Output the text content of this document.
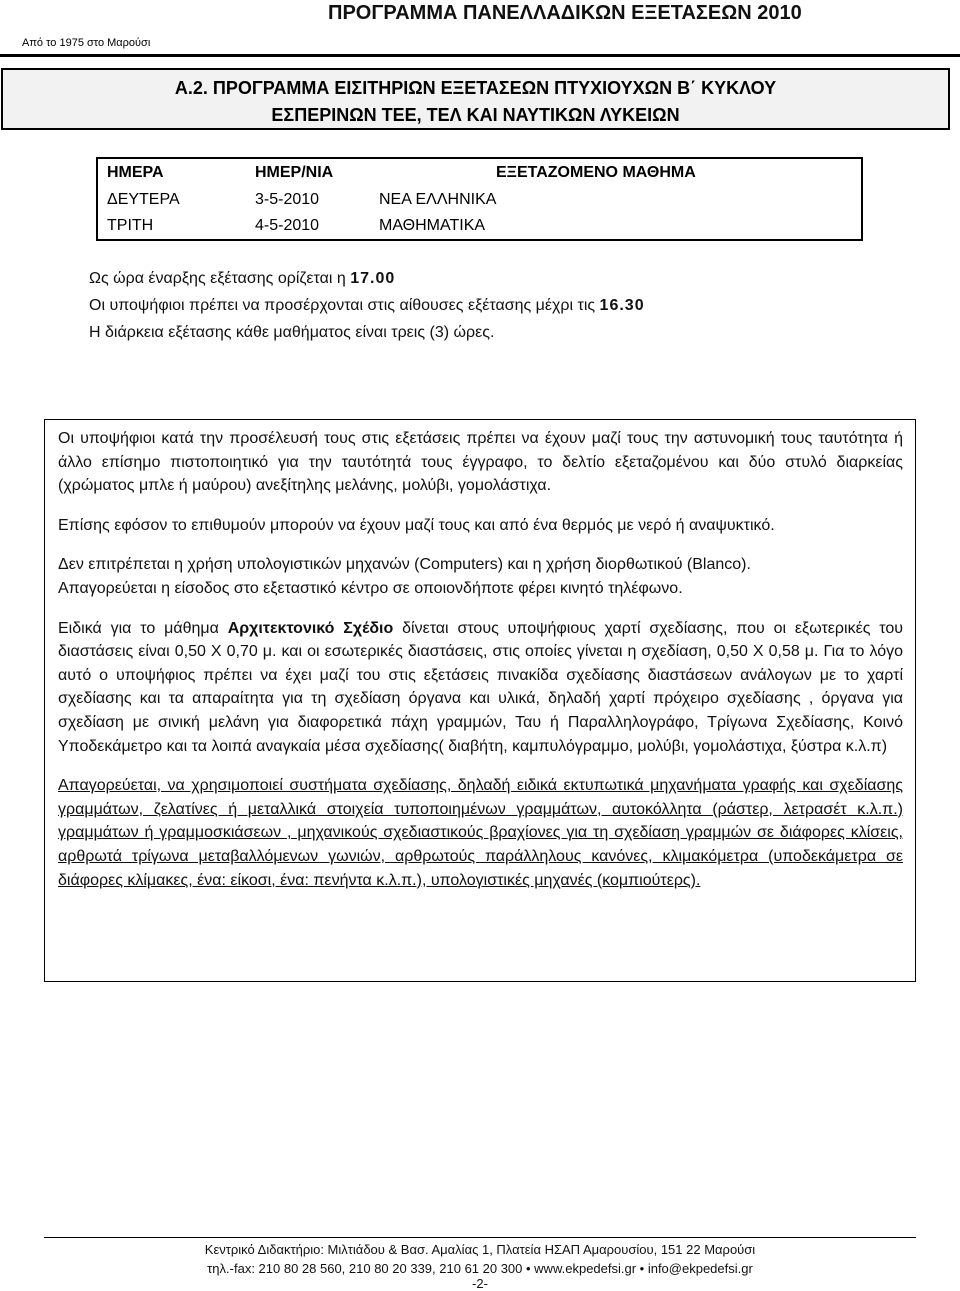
Από το 1975 στο Μαρούσι
ΠΡΟΓΡΑΜΜΑ ΠΑΝΕΛΛΑΔΙΚΩΝ ΕΞΕΤΑΣΕΩΝ 2010
Α.2. ΠΡΟΓΡΑΜΜΑ ΕΙΣΙΤΗΡΙΩΝ ΕΞΕΤΑΣΕΩΝ ΠΤΥΧΙΟΥΧΩΝ Β΄ ΚΥΚΛΟΥ
ΕΣΠΕΡΙΝΩΝ ΤΕΕ, ΤΕΛ ΚΑΙ ΝΑΥΤΙΚΩΝ ΛΥΚΕΙΩΝ
ΗΜΕΡΑ	ΗΜΕΡ/ΝΙΑ	ΕΞΕΤΑΖΟΜΕΝΟ ΜΑΘΗΜΑ
ΔΕΥΤΕΡΑ	3-5-2010	ΝΕΑ ΕΛΛΗΝΙΚΑ
ΤΡΙΤΗ	4-5-2010	ΜΑΘΗΜΑΤΙΚΑ
Ως ώρα έναρξης εξέτασης ορίζεται η 17.00
Οι υποψήφιοι πρέπει να προσέρχονται στις αίθουσες εξέτασης μέχρι τις 16.30
Η διάρκεια εξέτασης κάθε μαθήματος είναι τρεις (3) ώρες.

Οι υποψήφιοι κατά την προσέλευσή τους στις εξετάσεις πρέπει να έχουν μαζί τους την αστυνομική τους ταυτότητα ή άλλο επίσημο πιστοποιητικό για την ταυτότητά τους έγγραφο, το δελτίο εξεταζομένου και δύο στυλό διαρκείας (χρώματος μπλε ή μαύρου) ανεξίτηλης μελάνης, μολύβι, γομολάστιχα.

Επίσης εφόσον το επιθυμούν μπορούν να έχουν μαζί τους και από ένα θερμός με νερό ή αναψυκτικό.

Δεν επιτρέπεται η χρήση υπολογιστικών μηχανών (Computers) και η χρήση διορθωτικού (Blanco).

Απαγορεύεται η είσοδος στο εξεταστικό κέντρο σε οποιονδήποτε φέρει κινητό τηλέφωνο.

Ειδικά για το μάθημα Αρχιτεκτονικό Σχέδιο δίνεται στους υποψήφιους χαρτί σχεδίασης, που οι εξωτερικές του διαστάσεις είναι 0,50 Χ 0,70 μ. και οι εσωτερικές διαστάσεις, στις οποίες γίνεται η σχεδίαση, 0,50 Χ 0,58 μ. Για το λόγο αυτό ο υποψήφιος πρέπει να έχει μαζί του στις εξετάσεις πινακίδα σχεδίασης διαστάσεων ανάλογων με το χαρτί σχεδίασης και τα απαραίτητα για τη σχεδίαση όργανα και υλικά, δηλαδή χαρτί πρόχειρο σχεδίασης , όργανα για σχεδίαση με σινική μελάνη για διαφορετικά πάχη γραμμών, Ταυ ή Παραλληλογράφο, Τρίγωνα Σχεδίασης, Κοινό Υποδεκάμετρο και τα λοιπά αναγκαία μέσα σχεδίασης( διαβήτη, καμπυλόγραμμο, μολύβι, γομολάστιχα, ξύστρα κ.λ.π)

Απαγορεύεται, να χρησιμοποιεί συστήματα σχεδίασης, δηλαδή ειδικά εκτυπωτικά μηχανήματα γραφής και σχεδίασης γραμμάτων, ζελατίνες ή μεταλλικά στοιχεία τυποποιημένων γραμμάτων, αυτοκόλλητα (ράστερ, λετρασέτ κ.λ.π.) γραμμάτων ή γραμμοσκιάσεων , μηχανικούς σχεδιαστικούς βραχίονες για τη σχεδίαση γραμμών σε διάφορες κλίσεις, αρθρωτά τρίγωνα μεταβαλλόμενων γωνιών, αρθρωτούς παράλληλους κανόνες, κλιμακόμετρα (υποδεκάμετρα σε διάφορες κλίμακες, ένα: είκοσι, ένα: πενήντα κ.λ.π.), υπολογιστικές μηχανές (κομπιούτερς).

Κεντρικό Διδακτήριο: Μιλτιάδου & Βασ. Αμαλίας 1, Πλατεία ΗΣΑΠ Αμαρουσίου, 151 22 Μαρούσι
τηλ.-fax: 210 80 28 560, 210 80 20 339, 210 61 20 300 • www.ekpedefsi.gr • info@ekpedefsi.gr
-2-
